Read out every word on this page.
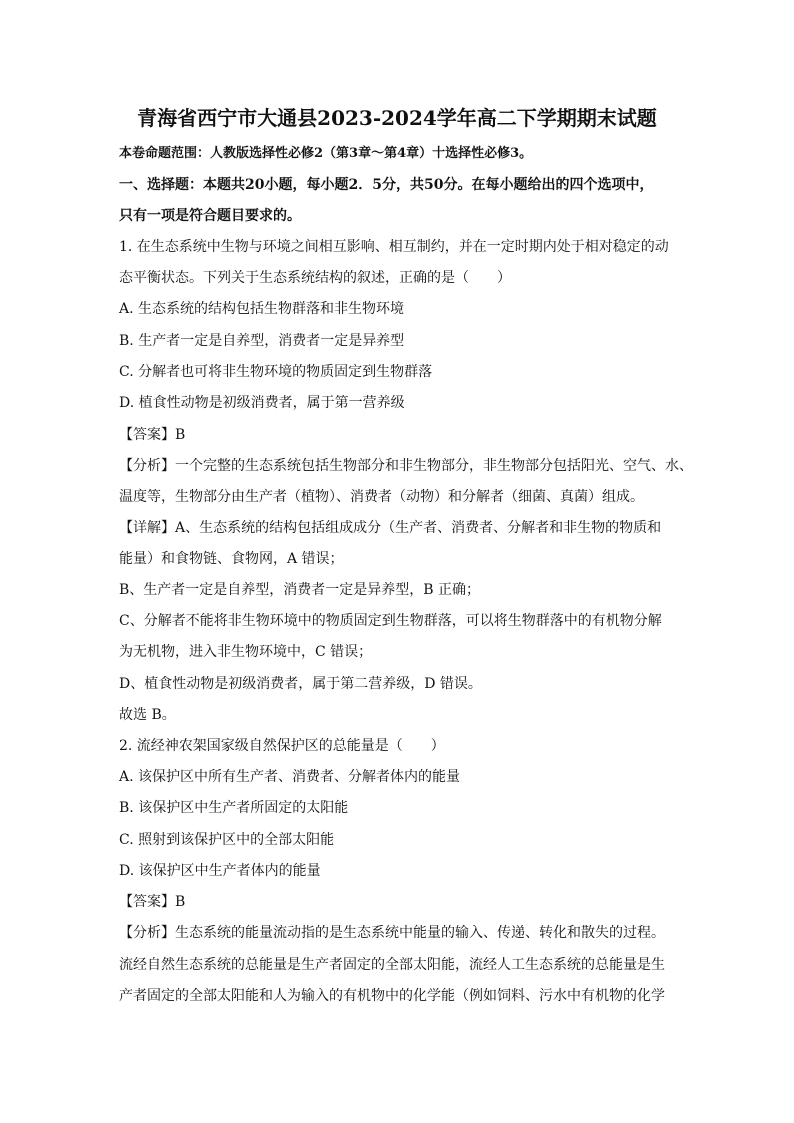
青海省西宁市大通县2023-2024学年高二下学期期末试题
本卷命题范围：人教版选择性必修2（第3章～第4章）十选择性必修3。
一、选择题：本题共20小题，每小题2．5分，共50分。在每小题给出的四个选项中，
只有一项是符合题目要求的。
1. 在生态系统中生物与环境之间相互影响、相互制约，并在一定时期内处于相对稳定的动
态平衡状态。下列关于生态系统结构的叙述，正确的是（　　）
A. 生态系统的结构包括生物群落和非生物环境
B. 生产者一定是自养型，消费者一定是异养型
C. 分解者也可将非生物环境的物质固定到生物群落
D. 植食性动物是初级消费者，属于第一营养级
【答案】B
【分析】一个完整的生态系统包括生物部分和非生物部分，非生物部分包括阳光、空气、水、
温度等，生物部分由生产者（植物）、消费者（动物）和分解者（细菌、真菌）组成。
【详解】A、生态系统的结构包括组成成分（生产者、消费者、分解者和非生物的物质和
能量）和食物链、食物网，A 错误；
B、生产者一定是自养型，消费者一定是异养型，B 正确；
C、分解者不能将非生物环境中的物质固定到生物群落，可以将生物群落中的有机物分解
为无机物，进入非生物环境中，C 错误；
D、植食性动物是初级消费者，属于第二营养级，D 错误。
故选 B。
2. 流经神农架国家级自然保护区的总能量是（　　）
A. 该保护区中所有生产者、消费者、分解者体内的能量
B. 该保护区中生产者所固定的太阳能
C. 照射到该保护区中的全部太阳能
D. 该保护区中生产者体内的能量
【答案】B
【分析】生态系统的能量流动指的是生态系统中能量的输入、传递、转化和散失的过程。
流经自然生态系统的总能量是生产者固定的全部太阳能，流经人工生态系统的总能量是生
产者固定的全部太阳能和人为输入的有机物中的化学能（例如饲料、污水中有机物的化学
